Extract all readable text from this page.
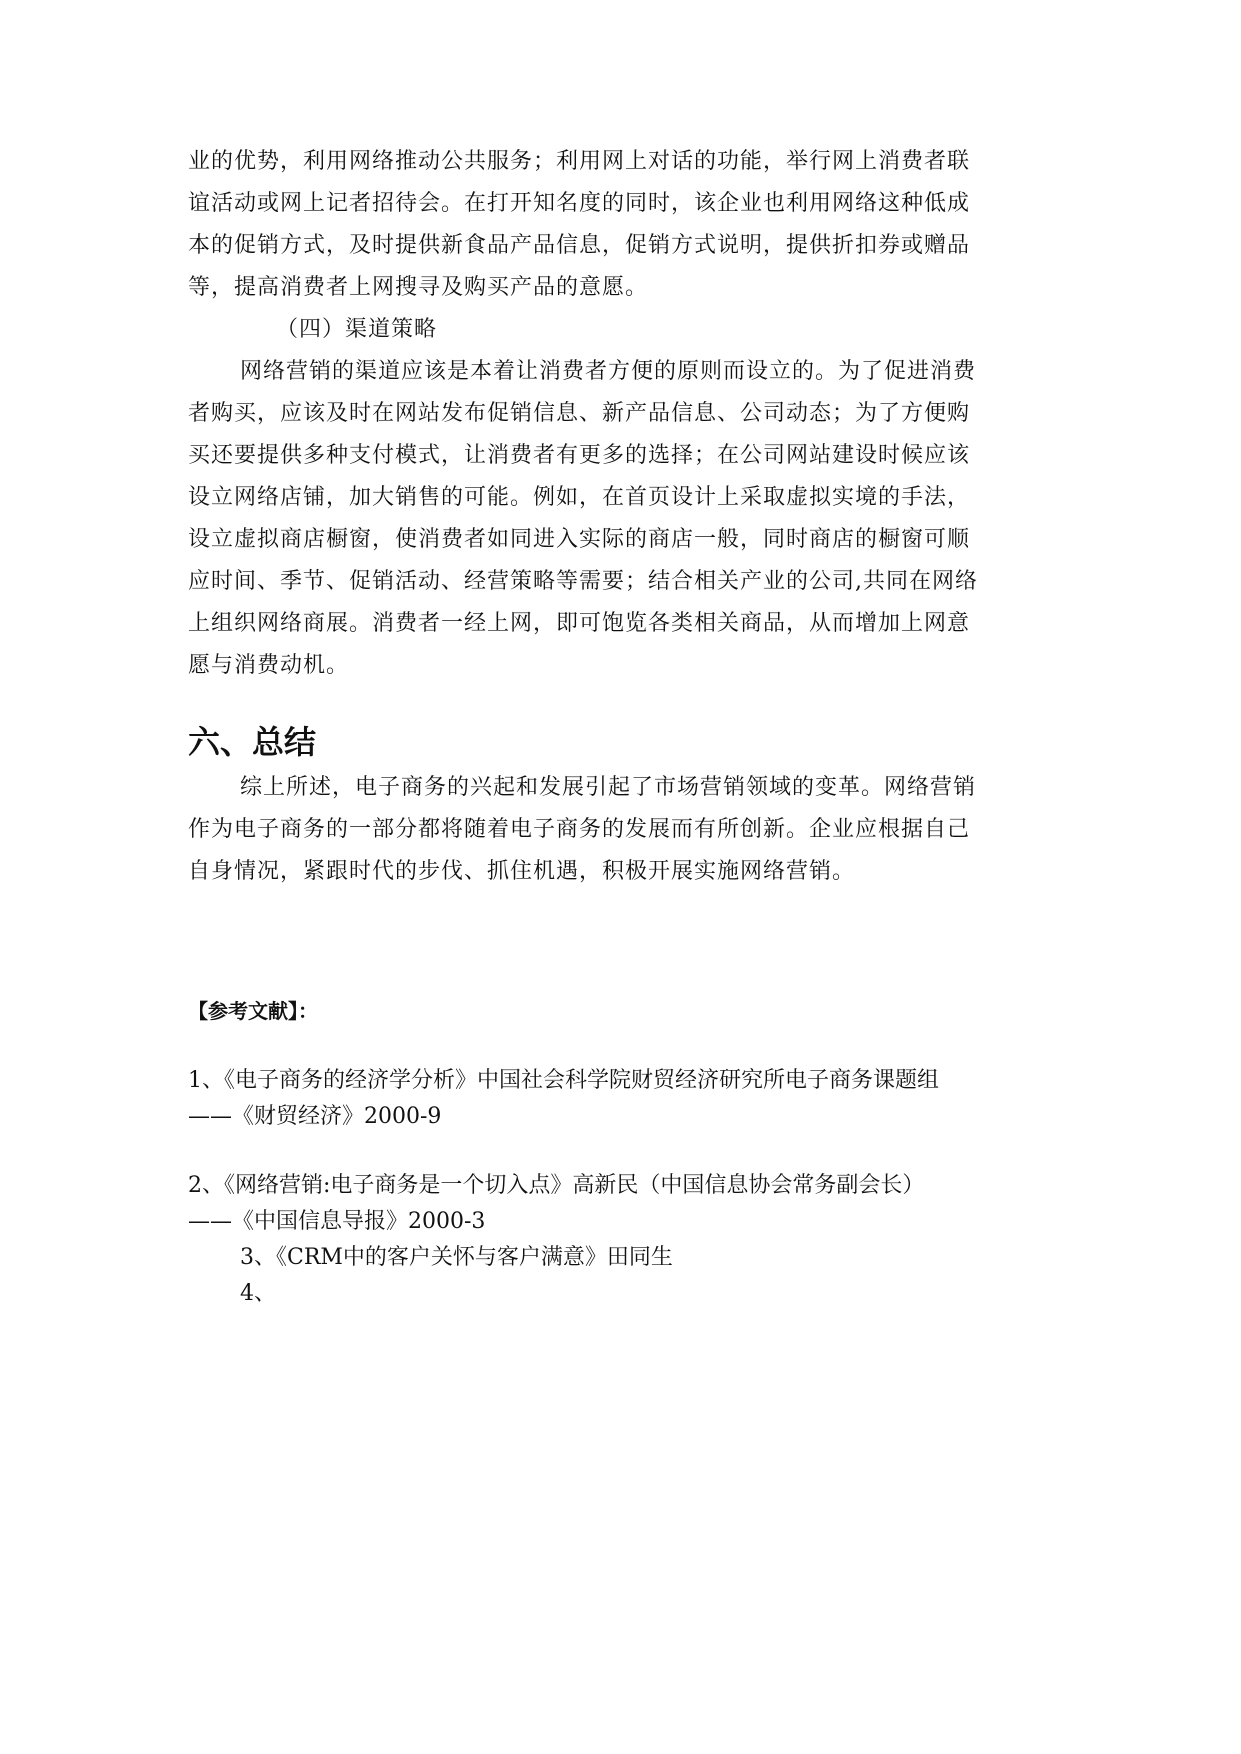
业的优势，利用网络推动公共服务；利用网上对话的功能，举行网上消费者联
谊活动或网上记者招待会。在打开知名度的同时，该企业也利用网络这种低成
本的促销方式，及时提供新食品产品信息，促销方式说明，提供折扣券或赠品
等，提高消费者上网搜寻及购买产品的意愿。
（四）渠道策略
网络营销的渠道应该是本着让消费者方便的原则而设立的。为了促进消费
者购买，应该及时在网站发布促销信息、新产品信息、公司动态；为了方便购
买还要提供多种支付模式，让消费者有更多的选择；在公司网站建设时候应该
设立网络店铺，加大销售的可能。例如，在首页设计上采取虚拟实境的手法，
设立虚拟商店橱窗，使消费者如同进入实际的商店一般，同时商店的橱窗可顺
应时间、季节、促销活动、经营策略等需要；结合相关产业的公司,共同在网络
上组织网络商展。消费者一经上网，即可饱览各类相关商品，从而增加上网意
愿与消费动机。
六、总结
综上所述，电子商务的兴起和发展引起了市场营销领域的变革。网络营销
作为电子商务的一部分都将随着电子商务的发展而有所创新。企业应根据自己
自身情况，紧跟时代的步伐、抓住机遇，积极开展实施网络营销。
【参考文献】：
1、《电子商务的经济学分析》中国社会科学院财贸经济研究所电子商务课题组
——《财贸经济》2000-9
2、《网络营销:电子商务是一个切入点》高新民（中国信息协会常务副会长）
——《中国信息导报》2000-3
3、《CRM中的客户关怀与客户满意》田同生
4、
